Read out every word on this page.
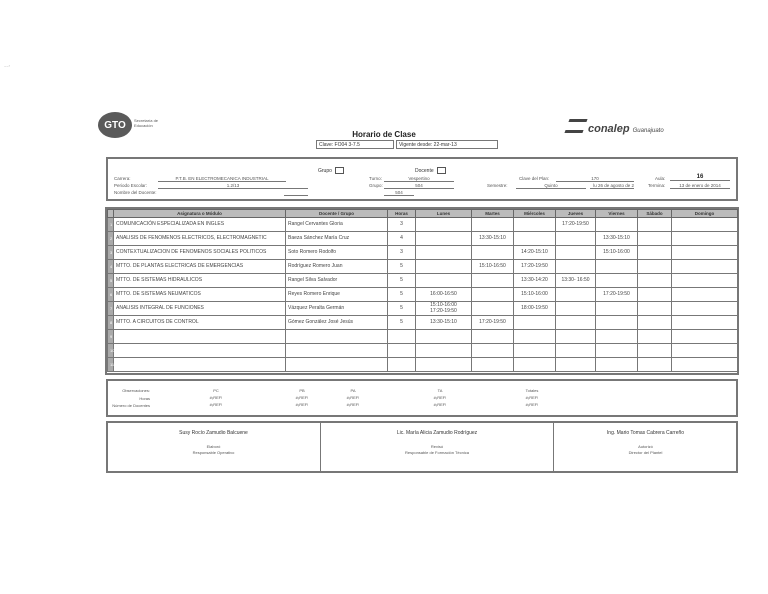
~~°
GTO	Secretaría de
Educación
Horario de Clase
Clave: FO04 3-7.5	Vigente desde: 22-mar-13
conalep Guanajuato
Grupo	Docente
Carrera:	P.T.B. EN ELECTROMECANICA INDUSTRIAL
Periodo Escolar:	1.2/13
Nombre del Docente:
Turno:	Vespertino
Grupo:	504
504
Clave del Plan:	170
Semestre:	Quinto	lu 26 de agosto de 2
Aula:	16
Termina:	13 de enero de 2014
	Asignatura o Módulo	Docente / Grupo	Horas	Lunes	Martes	Miércoles	Jueves	Viernes	Sábado	Domingo
1	COMUNICACIÓN ESPECIALIZADA EN INGLES	Rangel Cervantes Gloria	3				17:20-19:50			
2	ANALISIS DE FENOMENOS ELECTRICOS, ELECTROMAGNETIC	Baeza Sánchez María Cruz	4		13:30-15:10			13:30-15:10		
3	CONTEXTUALIZACION DE FENOMENOS SOCIALES POLITICOS	Soto Romero Rodolfo	3			14:20-15:10		15:10-16:00		
4	MTTO. DE PLANTAS ELECTRICAS DE EMERGENCIAS	Rodríguez Romero Juan	5		15:10-16:50	17:20-19:50				
5	MTTO. DE SISTEMAS HIDRAULICOS	Rangel Silva Salvador	5			13:30-14:20	13:30- 16:50			
6	MTTO. DE SISTEMAS NEUMATICOS	Reyes Romero Enrique	5	16:00-16:50		15:10-16:00		17:20-19:50		
7	ANALISIS INTEGRAL DE FUNCIONES	Vázquez Peralta Germán	5	15:10-16:00
17:20-19:50		18:00-19:50				
8	MTTO. A CIRCUITOS DE CONTROL	Gómez González José Jesús	5	13:30-15:10	17:20-19:50					
9										
10										
11										
Observaciones:
Horas
Número de Docentes
PC
#¡REF!
#¡REF!
PB
#¡REF!
#¡REF!
PA
#¡REF!
#¡REF!
TA
#¡REF!
#¡REF!
Totales
#¡REF!
#¡REF!
Susy Rocío Zamudio Balcuene
Elaboró
Responsable Operativo
Lic. María Alicia Zamudio Rodríguez
Revisó
Responsable de Formación Técnica
Ing. Mario Tomas Cabrera Carreño
Autorizó
Director del Plantel
